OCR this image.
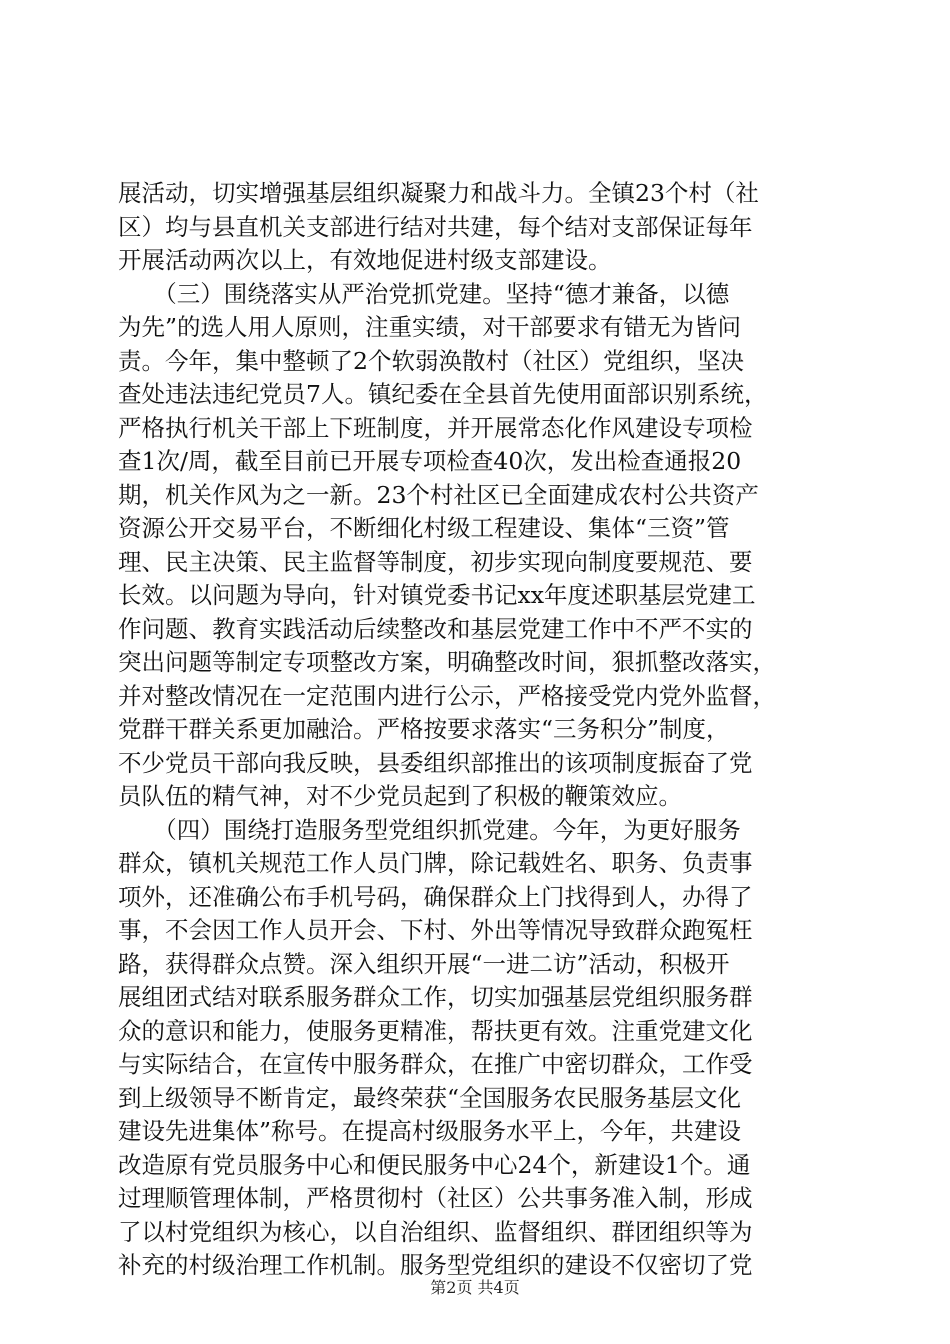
展活动，切实增强基层组织凝聚力和战斗力。全镇23个村（社
区）均与县直机关支部进行结对共建，每个结对支部保证每年
开展活动两次以上，有效地促进村级支部建设。
　　（三）围绕落实从严治党抓党建。坚持“德才兼备，以德
为先”的选人用人原则，注重实绩，对干部要求有错无为皆问
责。今年，集中整顿了2个软弱涣散村（社区）党组织，坚决
查处违法违纪党员7人。镇纪委在全县首先使用面部识别系统，
严格执行机关干部上下班制度，并开展常态化作风建设专项检
查1次/周，截至目前已开展专项检查40次，发出检查通报20
期，机关作风为之一新。23个村社区已全面建成农村公共资产
资源公开交易平台，不断细化村级工程建设、集体“三资”管
理、民主决策、民主监督等制度，初步实现向制度要规范、要
长效。以问题为导向，针对镇党委书记xx年度述职基层党建工
作问题、教育实践活动后续整改和基层党建工作中不严不实的
突出问题等制定专项整改方案，明确整改时间，狠抓整改落实，
并对整改情况在一定范围内进行公示，严格接受党内党外监督，
党群干群关系更加融洽。严格按要求落实“三务积分”制度，
不少党员干部向我反映，县委组织部推出的该项制度振奋了党
员队伍的精气神，对不少党员起到了积极的鞭策效应。
　　（四）围绕打造服务型党组织抓党建。今年，为更好服务
群众，镇机关规范工作人员门牌，除记载姓名、职务、负责事
项外，还准确公布手机号码，确保群众上门找得到人，办得了
事，不会因工作人员开会、下村、外出等情况导致群众跑冤枉
路，获得群众点赞。深入组织开展“一进二访”活动，积极开
展组团式结对联系服务群众工作，切实加强基层党组织服务群
众的意识和能力，使服务更精准，帮扶更有效。注重党建文化
与实际结合，在宣传中服务群众，在推广中密切群众，工作受
到上级领导不断肯定，最终荣获“全国服务农民服务基层文化
建设先进集体”称号。在提高村级服务水平上，今年，共建设
改造原有党员服务中心和便民服务中心24个，新建设1个。通
过理顺管理体制，严格贯彻村（社区）公共事务准入制，形成
了以村党组织为核心，以自治组织、监督组织、群团组织等为
补充的村级治理工作机制。服务型党组织的建设不仅密切了党
第2页 共4页
